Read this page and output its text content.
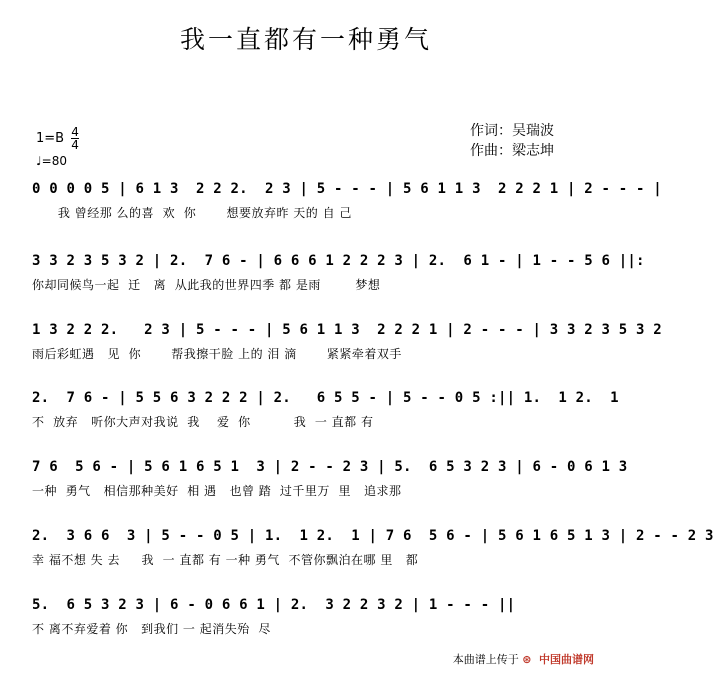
我一直都有一种勇气
$1=B \frac{4}{4}$
♩=80
作词：吴瑞波
作曲：梁志坤
0 0 0 0 5 | 6 1 3  2 2 2.  2 3 | 5 - - - | 5 6 1 1 3  2 2 2 1 | 2 - - - |
我 曾经那 么的喜  欢  你       想要放弃昨 天的 自 己
3 3 2 3 5 3 2 | 2.  7 6 - | 6 6 6 1 2 2 2 3 | 2.  6 1 - | 1 - - 5 6 ||:
你却同候鸟一起  迁   离  从此我的世界四季 都 是雨        梦想
1 3 2 2 2.   2 3 | 5 - - - | 5 6 1 1 3  2 2 2 1 | 2 - - - | 3 3 2 3 5 3 2
雨后彩虹遇   见  你       帮我擦干脸 上的 泪 滴       紧紧牵着双手
2.  7 6 - | 5 5 6 3 2 2 2 | 2.   6 5 5 - | 5 - - 0 5 :|| 1.  1 2.  1
不  放弃   听你大声对我说  我    爱  你          我  一 直都 有
7 6  5 6 - | 5 6 1 6 5 1  3 | 2 - - 2 3 | 5.  6 5 3 2 3 | 6 - 0 6 1 3
一种  勇气   相信那种美好  相 遇   也曾 踏  过千里万  里   追求那
2.  3 6 6  3 | 5 - - 0 5 | 1.  1 2.  1 | 7 6  5 6 - | 5 6 1 6 5 1 3 | 2 - - 2 3
幸 福不想 失 去     我  一 直都 有 一种 勇气  不管你飘泊在哪 里   都
5.  6 5 3 2 3 | 6 - 0 6 6 1 | 2.  3 2 2 3 2 | 1 - - - ||
不 离不弃爱着 你   到我们 一 起消失殆  尽
本曲谱上传于 ⊛ 中国曲谱网
